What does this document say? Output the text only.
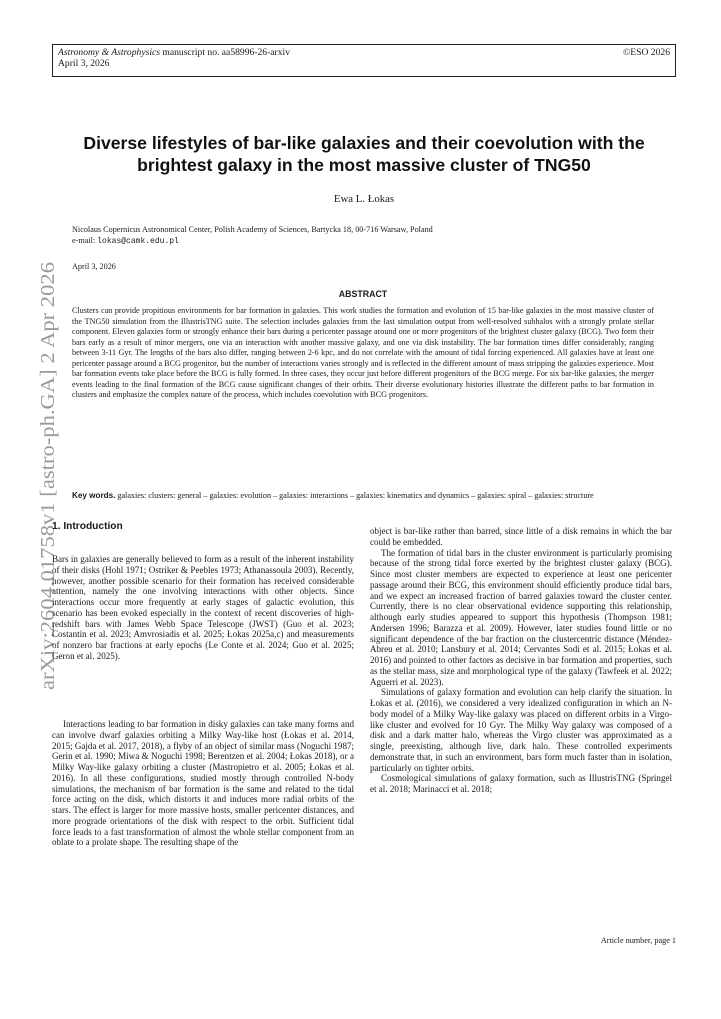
Astronomy & Astrophysics manuscript no. aa58996-26-arxiv
April 3, 2026
©ESO 2026
arXiv:2604.01758v1 [astro-ph.GA] 2 Apr 2026
Diverse lifestyles of bar-like galaxies and their coevolution with the brightest galaxy in the most massive cluster of TNG50
Ewa L. Łokas
Nicolaus Copernicus Astronomical Center, Polish Academy of Sciences, Bartycka 18, 00-716 Warsaw, Poland
e-mail: lokas@camk.edu.pl
April 3, 2026
ABSTRACT
Clusters can provide propitious environments for bar formation in galaxies. This work studies the formation and evolution of 15 bar-like galaxies in the most massive cluster of the TNG50 simulation from the IllustrisTNG suite. The selection includes galaxies from the last simulation output from well-resolved subhalos with a strongly prolate stellar component. Eleven galaxies form or strongly enhance their bars during a pericenter passage around one or more progenitors of the brightest cluster galaxy (BCG). Two form their bars early as a result of minor mergers, one via an interaction with another massive galaxy, and one via disk instability. The bar formation times differ considerably, ranging between 3-11 Gyr. The lengths of the bars also differ, ranging between 2-6 kpc, and do not correlate with the amount of tidal forcing experienced. All galaxies have at least one pericenter passage around a BCG progenitor, but the number of interactions varies strongly and is reflected in the different amount of mass stripping the galaxies experience. Most bar formation events take place before the BCG is fully formed. In three cases, they occur just before different progenitors of the BCG merge. For six bar-like galaxies, the merger events leading to the final formation of the BCG cause significant changes of their orbits. Their diverse evolutionary histories illustrate the different paths to bar formation in clusters and emphasize the complex nature of the process, which includes coevolution with BCG progenitors.
Key words. galaxies: clusters: general – galaxies: evolution – galaxies: interactions – galaxies: kinematics and dynamics – galaxies: spiral – galaxies: structure
1. Introduction

Bars in galaxies are generally believed to form as a result of the inherent instability of their disks (Hohl 1971; Ostriker & Peebles 1973; Athanassoula 2003). Recently, however, another possible scenario for their formation has received considerable attention, namely the one involving interactions with other objects. Since interactions occur more frequently at early stages of galactic evolution, this scenario has been evoked especially in the context of recent discoveries of high-redshift bars with James Webb Space Telescope (JWST) (Guo et al. 2023; Costantin et al. 2023; Amvrosiadis et al. 2025; Łokas 2025a,c) and measurements of nonzero bar fractions at early epochs (Le Conte et al. 2024; Guo et al. 2025; Geron et al. 2025).

Interactions leading to bar formation in disky galaxies can take many forms and can involve dwarf galaxies orbiting a Milky Way-like host (Łokas et al. 2014, 2015; Gajda et al. 2017, 2018), a flyby of an object of similar mass (Noguchi 1987; Gerin et al. 1990; Miwa & Noguchi 1998; Berentzen et al. 2004; Łokas 2018), or a Milky Way-like galaxy orbiting a cluster (Mastropietro et al. 2005; Łokas et al. 2016). In all these configurations, studied mostly through controlled N-body simulations, the mechanism of bar formation is the same and related to the tidal force acting on the disk, which distorts it and induces more radial orbits of the stars. The effect is larger for more massive hosts, smaller pericenter distances, and more prograde orientations of the disk with respect to the orbit. Sufficient tidal force leads to a fast transformation of almost the whole stellar component from an oblate to a prolate shape. The resulting shape of the

object is bar-like rather than barred, since little of a disk remains in which the bar could be embedded.

The formation of tidal bars in the cluster environment is particularly promising because of the strong tidal force exerted by the brightest cluster galaxy (BCG). Since most cluster members are expected to experience at least one pericenter passage around their BCG, this environment should efficiently produce tidal bars, and we expect an increased fraction of barred galaxies toward the cluster center. Currently, there is no clear observational evidence supporting this relationship, although early studies appeared to support this hypothesis (Thompson 1981; Andersen 1996; Barazza et al. 2009). However, later studies found little or no significant dependence of the bar fraction on the clustercentric distance (Méndez-Abreu et al. 2010; Lansbury et al. 2014; Cervantes Sodi et al. 2015; Łokas et al. 2016) and pointed to other factors as decisive in bar formation and properties, such as the stellar mass, size and morphological type of the galaxy (Tawfeek et al. 2022; Aguerri et al. 2023).

Simulations of galaxy formation and evolution can help clarify the situation. In Łokas et al. (2016), we considered a very idealized configuration in which an N-body model of a Milky Way-like galaxy was placed on different orbits in a Virgo-like cluster and evolved for 10 Gyr. The Milky Way galaxy was composed of a disk and a dark matter halo, whereas the Virgo cluster was approximated as a single, preexisting, although live, dark halo. These controlled experiments demonstrate that, in such an environment, bars form much faster than in isolation, particularly on tighter orbits.

Cosmological simulations of galaxy formation, such as IllustrisTNG (Springel et al. 2018; Marinacci et al. 2018;

Article number, page 1
